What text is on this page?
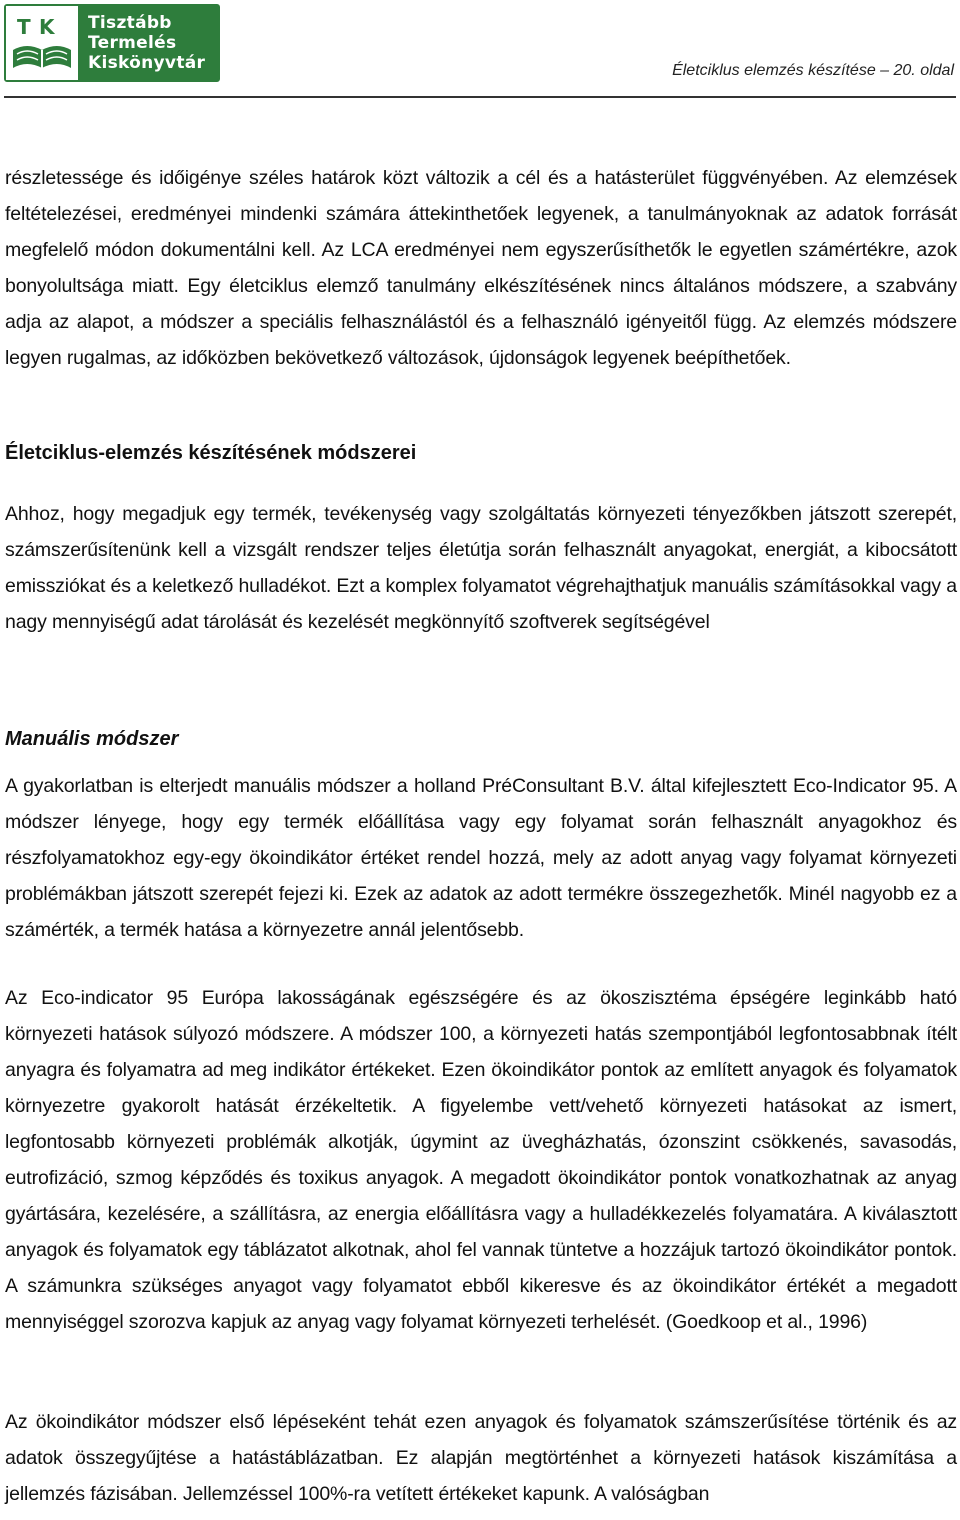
T K Tisztább
Termelés
Kiskönyvtár	Életciklus elemzés készítése – 20. oldal

részletessége és időigénye széles határok közt változik a cél és a hatásterület függvényében. Az elemzések feltételezései, eredményei mindenki számára áttekinthetőek legyenek, a tanulmányoknak az adatok forrását megfelelő módon dokumentálni kell. Az LCA eredményei nem egyszerűsíthetők le egyetlen számértékre, azok bonyolultsága miatt. Egy életciklus elemző tanulmány elkészítésének nincs általános módszere, a szabvány adja az alapot, a módszer a speciális felhasználástól és a felhasználó igényeitől függ. Az elemzés módszere legyen rugalmas, az időközben bekövetkező változások, újdonságok legyenek beépíthetőek.

Életciklus-elemzés készítésének módszerei

Ahhoz, hogy megadjuk egy termék, tevékenység vagy szolgáltatás környezeti tényezőkben játszott szerepét, számszerűsítenünk kell a vizsgált rendszer teljes életútja során felhasznált anyagokat, energiát, a kibocsátott emissziókat és a keletkező hulladékot. Ezt a komplex folyamatot végrehajthatjuk manuális számításokkal vagy a nagy mennyiségű adat tárolását és kezelését megkönnyítő szoftverek segítségével

Manuális módszer

A gyakorlatban is elterjedt manuális módszer a holland PréConsultant B.V. által kifejlesztett Eco-Indicator 95. A módszer lényege, hogy egy termék előállítása vagy egy folyamat során felhasznált anyagokhoz és részfolyamatokhoz egy-egy ökoindikátor értéket rendel hozzá, mely az adott anyag vagy folyamat környezeti problémákban játszott szerepét fejezi ki. Ezek az adatok az adott termékre összegezhetők. Minél nagyobb ez a számérték, a termék hatása a környezetre annál jelentősebb.

Az Eco-indicator 95 Európa lakosságának egészségére és az ökoszisztéma épségére leginkább ható környezeti hatások súlyozó módszere. A módszer 100, a környezeti hatás szempontjából legfontosabbnak ítélt anyagra és folyamatra ad meg indikátor értékeket. Ezen ökoindikátor pontok az említett anyagok és folyamatok környezetre gyakorolt hatását érzékeltetik. A figyelembe vett/vehető környezeti hatásokat az ismert, legfontosabb környezeti problémák alkotják, úgymint az üvegházhatás, ózonszint csökkenés, savasodás, eutrofizáció, szmog képződés és toxikus anyagok. A megadott ökoindikátor pontok vonatkozhatnak az anyag gyártására, kezelésére, a szállításra, az energia előállításra vagy a hulladékkezelés folyamatára. A kiválasztott anyagok és folyamatok egy táblázatot alkotnak, ahol fel vannak tüntetve a hozzájuk tartozó ökoindikátor pontok. A számunkra szükséges anyagot vagy folyamatot ebből kikeresve és az ökoindikátor értékét a megadott mennyiséggel szorozva kapjuk az anyag vagy folyamat környezeti terhelését. (Goedkoop et al., 1996)

Az ökoindikátor módszer első lépéseként tehát ezen anyagok és folyamatok számszerűsítése történik és az adatok összegyűjtése a hatástáblázatban. Ez alapján megtörténhet a környezeti hatások kiszámítása a jellemzés fázisában. Jellemzéssel 100%-ra vetített értékeket kapunk. A valóságban
